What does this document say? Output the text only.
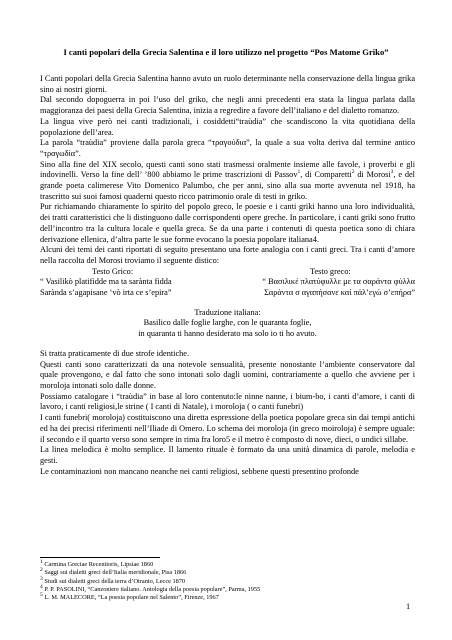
I canti popolari della Grecia Salentina e il loro utilizzo nel progetto “Pos Matome Griko”

I Canti popolari della Grecia Salentina hanno avuto un ruolo determinante nella conservazione della lingua grika sino ai nostri giorni.

Dal secondo dopoguerra in poi l’uso del griko, che negli anni precedenti era stata la lingua parlata dalla maggioranza dei paesi della Grecia Salentina, inizia a regredire a favore dell’italiano e del dialetto romanzo.

La lingua vive però nei canti tradizionali, i cosiddetti“traùdia” che scandiscono la vita quotidiana della popolazione dell’area.

La parola “traùdia” proviene dalla parola greca “τραγούδια”, la quale a sua volta deriva dal termine antico “τραγωδία”.

Sino alla fine del XIX secolo, questi canti sono stati trasmessi oralmente insieme alle favole, i proverbi e gli indovinelli. Verso la fine dell’ ’800 abbiamo le prime trascrizioni di Passov$^1$, di Comparetti$^2$ di Morosi$^3$, e del grande poeta calimerese Vito Domenico Palumbo, che per anni, sino alla sua morte avvenuta nel 1918, ha trascritto sui suoi famosi quaderni questo ricco patrimonio orale di testi in griko.

Pur richiamando chiaramente lo spirito del popolo greco, le poesie e i canti griki hanno una loro individualità, dei tratti caratteristici che li distinguono dalle corrispondenti opere greche. In particolare, i canti griki sono frutto dell’incontro tra la cultura locale e quella greca. Se da una parte i contenuti di questa poetica sono di chiara derivazione ellenica, d’altra parte le sue forme evocano la poesia popolare italiana4.

Alcuni dei temi dei canti riportati di seguito presentano una forte analogia con i canti greci. Tra i canti d’amore nella raccolta del Morosi troviamo il seguente distico:

Testo Grico:	Testo greco:
“ Vasilikò platifidde ma ta sarànta fidda	“ Βασιλικέ πλατύφυλλε με τα σαράντα φύλλα
Sarànda s’agapisane ‘vò irta ce s’epira”	Σαράντα σ αγαπήσανε καί πάλ’εγώ σ’επήρα”

Traduzione italiana:

Basilico dalle foglie larghe, con le quaranta foglie,

in quaranta ti hanno desiderato ma solo io ti ho avuto.

Si tratta praticamente di due strofe identiche.

Questi canti sono caratterizzati da una notevole sensualità, presente nonostante l’ambiente conservatore dal quale provengono, e dal fatto che sono intonati solo dagli uomini, contrariamente a quello che avviene per i moroloja intonati solo dalle donne.

Possiamo catalogare i “traùdia” in base al loro contenuto:le ninne nanne, i bium-bo, i canti d’amore, i canti di lavoro, i canti religiosi,le strine ( I canti di Natale), i moroloja ( o canti funebri)

I canti funebri( moroloja) costituiscono una diretta espressione della poetica popolare greca sin dai tempi antichi ed ha dei precisi riferimenti nell’Iliade di Omero. Lo schema dei moroloja (in greco moirolo​ja) è sempre uguale: il secondo e il quarto verso sono sempre in rima fra loro5 e il metro è composto di nove, dieci, o undici sillabe.

La linea melodica è molto semplice. Il lamento rituale è formato da una unità dinamica di parole, melodia e gesti.

Le contaminazioni non mancano neanche nei canti religiosi, sebbene questi presentino profonde

$^1$ Carmina Greciae Recentioris, Lipsiae 1860
$^2$ Saggi sui dialetti greci dell’Italia meridionale, Pisa 1866
$^3$ Studi sui dialetti greci della terra d’Otranto, Lecce 1870
$^4$ P. P. PASOLINI, “Canzoniere italiano. Antologia della poesia popolare”, Parma, 1955
$^5$ L. M. MALECORE, “La poesia popolare nel Salento”, Firenze, 1967
1
